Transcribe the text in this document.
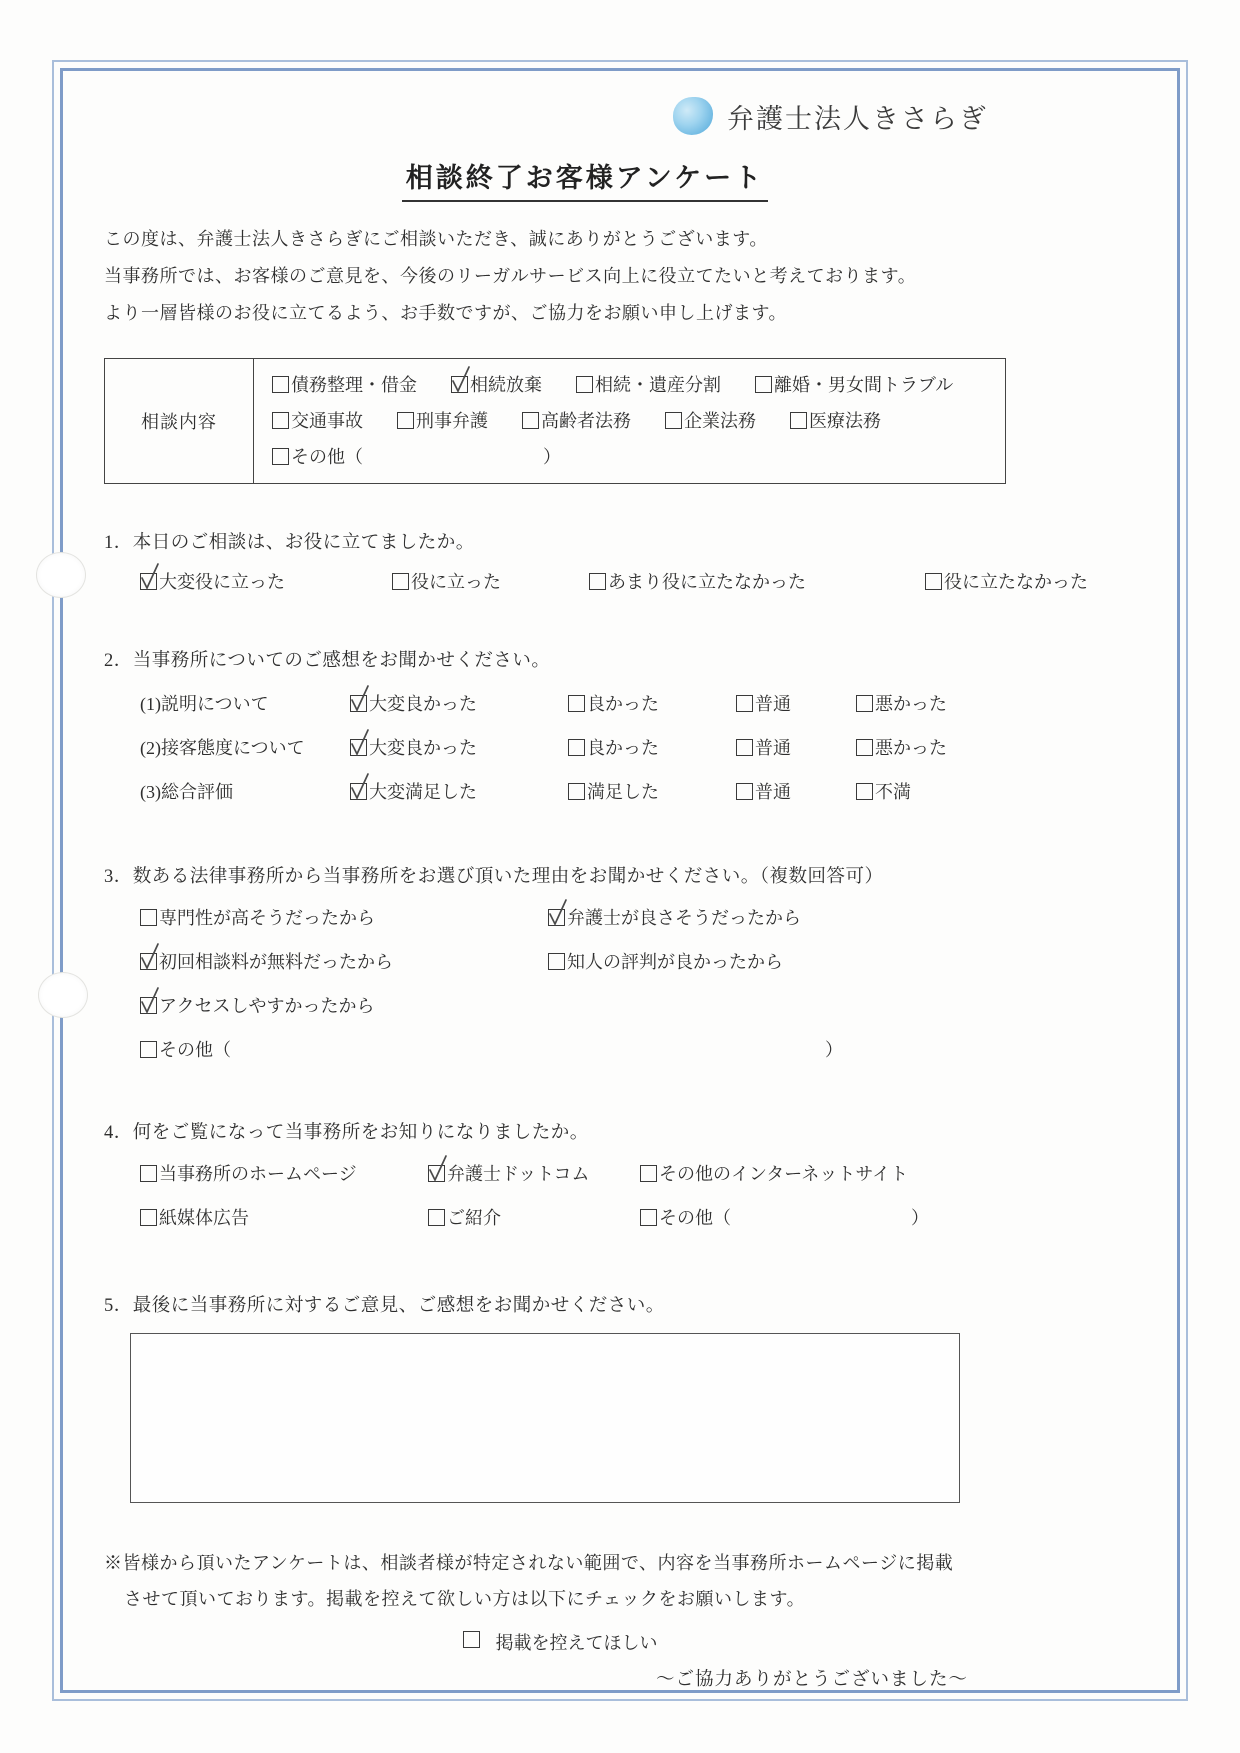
弁護士法人きさらぎ
相談終了お客様アンケート
この度は、弁護士法人きさらぎにご相談いただき、誠にありがとうございます。
当事務所では、お客様のご意見を、今後のリーガルサービス向上に役立てたいと考えております。
より一層皆様のお役に立てるよう、お手数ですが、ご協力をお願い申し上げます。
相談内容
債務整理・借金	相続放棄	相続・遺産分割	離婚・男女間トラブル
交通事故	刑事弁護	高齢者法務	企業法務	医療法務
その他（　　　　　　　　　　）
1．本日のご相談は、お役に立てましたか。
大変役に立った	役に立った	あまり役に立たなかった	役に立たなかった
2．当事務所についてのご感想をお聞かせください。
(1)説明について	大変良かった	良かった	普通	悪かった
(2)接客態度について	大変良かった	良かった	普通	悪かった
(3)総合評価	大変満足した	満足した	普通	不満
3．数ある法律事務所から当事務所をお選び頂いた理由をお聞かせください。（複数回答可）
専門性が高そうだったから	弁護士が良さそうだったから
初回相談料が無料だったから	知人の評判が良かったから
アクセスしやすかったから
その他（　　　　　　　　　　　　　　　　　　　　　　　　　　　　　　　　　）
4．何をご覧になって当事務所をお知りになりましたか。
当事務所のホームページ	弁護士ドットコム	その他のインターネットサイト
紙媒体広告	ご紹介	その他（　　　　　　　　　　）
5．最後に当事務所に対するご意見、ご感想をお聞かせください。
※皆様から頂いたアンケートは、相談者様が特定されない範囲で、内容を当事務所ホームページに掲載
させて頂いております。掲載を控えて欲しい方は以下にチェックをお願いします。
掲載を控えてほしい
～ご協力ありがとうございました～
